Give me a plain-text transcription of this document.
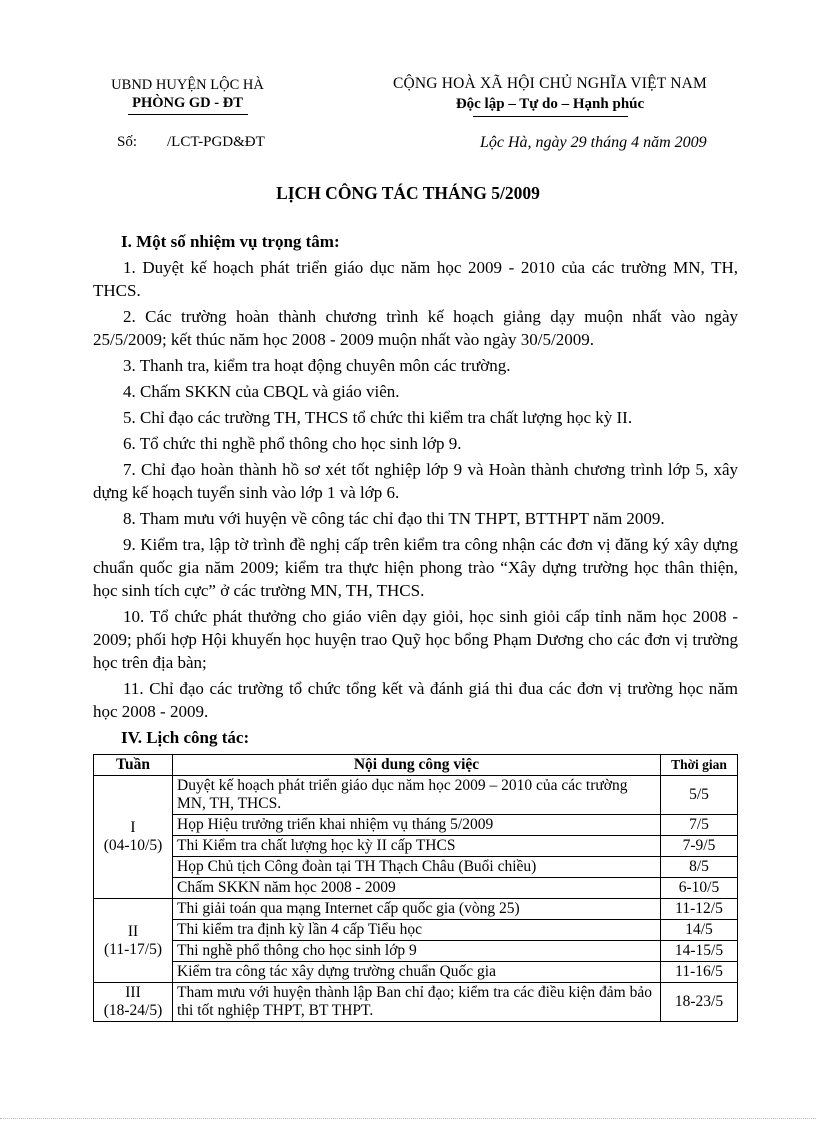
UBND HUYỆN LỘC HÀ
PHÒNG GD - ĐT
CỘNG HOÀ XÃ HỘI CHỦ NGHĨA VIỆT NAM
Độc lập – Tự do – Hạnh phúc
Số: /LCT-PGD&ĐT	Lộc Hà, ngày 29 tháng 4 năm 2009
LỊCH CÔNG TÁC THÁNG 5/2009
I. Một số nhiệm vụ trọng tâm:
1. Duyệt kế hoạch phát triển giáo dục năm học 2009 - 2010 của các trường MN, TH, THCS.
2. Các trường hoàn thành chương trình kế hoạch giảng dạy muộn nhất vào ngày 25/5/2009; kết thúc năm học 2008 - 2009 muộn nhất vào ngày 30/5/2009.
3. Thanh tra, kiểm tra hoạt động chuyên môn các trường.
4. Chấm SKKN của CBQL và giáo viên.
5. Chỉ đạo các trường TH, THCS tổ chức thi kiểm tra chất lượng học kỳ II.
6. Tổ chức thi nghề phổ thông cho học sinh lớp 9.
7. Chỉ đạo hoàn thành hồ sơ xét tốt nghiệp lớp 9 và Hoàn thành chương trình lớp 5, xây dựng kế hoạch tuyển sinh vào lớp 1 và lớp 6.
8. Tham mưu với huyện về công tác chỉ đạo thi TN THPT, BTTHPT năm 2009.
9. Kiểm tra, lập tờ trình đề nghị cấp trên kiểm tra công nhận các đơn vị đăng ký xây dựng chuẩn quốc gia năm 2009; kiểm tra thực hiện phong trào “Xây dựng trường học thân thiện, học sinh tích cực” ở các trường MN, TH, THCS.
10. Tổ chức phát thưởng cho giáo viên dạy giỏi, học sinh giỏi cấp tỉnh năm học 2008 - 2009; phối hợp Hội khuyến học huyện trao Quỹ học bổng Phạm Dương cho các đơn vị trường học trên địa bàn;
11. Chỉ đạo các trường tổ chức tổng kết và đánh giá thi đua các đơn vị trường học năm học 2008 - 2009.
IV. Lịch công tác:
Tuần	Nội dung công việc	Thời gian

I
(04-10/5)	Duyệt kế hoạch phát triển giáo dục năm học 2009 – 2010 của các trường MN, TH, THCS.	5/5
	Họp Hiệu trưởng triển khai nhiệm vụ tháng 5/2009	7/5
	Thi Kiểm tra chất lượng học kỳ II cấp THCS	7-9/5
	Họp Chủ tịch Công đoàn tại TH Thạch Châu (Buổi chiều)	8/5
	Chấm SKKN năm học 2008 - 2009	6-10/5

II
(11-17/5)	Thi giải toán qua mạng Internet cấp quốc gia (vòng 25)	11-12/5
	Thi kiểm tra định kỳ lần 4 cấp Tiểu học	14/5
	Thi nghề phổ thông cho học sinh lớp 9	14-15/5
	Kiểm tra công tác xây dựng trường chuẩn Quốc gia	11-16/5

III
(18-24/5)	Tham mưu với huyện thành lập Ban chỉ đạo; kiểm tra các điều kiện đảm bảo thi tốt nghiệp THPT, BT THPT.	18-23/5
